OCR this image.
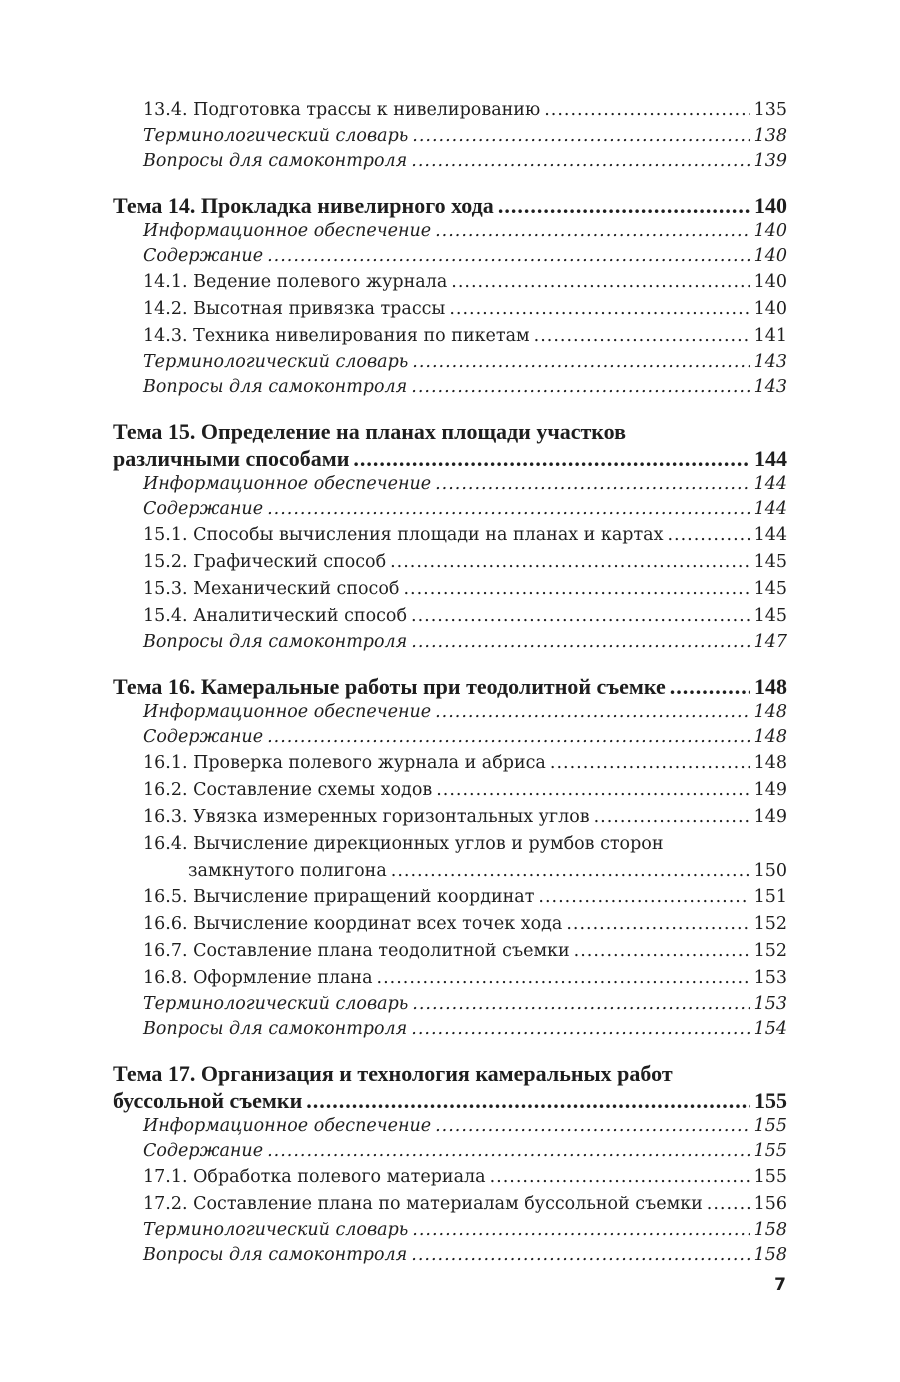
13.4. Подготовка трассы к нивелированию .....	135
Терминологический словарь .....	138
Вопросы для самоконтроля .....	139
Тема 14. Прокладка нивелирного хода .....	140
Информационное обеспечение .....	140
Содержание .....	140
14.1. Ведение полевого журнала .....	140
14.2. Высотная привязка трассы .....	140
14.3. Техника нивелирования по пикетам .....	141
Терминологический словарь .....	143
Вопросы для самоконтроля .....	143
Тема 15. Определение на планах площади участков
различными способами .....	144
Информационное обеспечение .....	144
Содержание .....	144
15.1. Способы вычисления площади на планах и картах .....	144
15.2. Графический способ .....	145
15.3. Механический способ .....	145
15.4. Аналитический способ .....	145
Вопросы для самоконтроля .....	147
Тема 16. Камеральные работы при теодолитной съемке .....	148
Информационное обеспечение .....	148
Содержание .....	148
16.1. Проверка полевого журнала и абриса .....	148
16.2. Составление схемы ходов .....	149
16.3. Увязка измеренных горизонтальных углов .....	149
16.4. Вычисление дирекционных углов и румбов сторон
замкнутого полигона .....	150
16.5. Вычисление приращений координат .....	151
16.6. Вычисление координат всех точек хода .....	152
16.7. Составление плана теодолитной съемки .....	152
16.8. Оформление плана .....	153
Терминологический словарь .....	153
Вопросы для самоконтроля .....	154
Тема 17. Организация и технология камеральных работ
буссольной съемки .....	155
Информационное обеспечение .....	155
Содержание .....	155
17.1. Обработка полевого материала .....	155
17.2. Составление плана по материалам буссольной съемки .....	156
Терминологический словарь .....	158
Вопросы для самоконтроля .....	158
7
